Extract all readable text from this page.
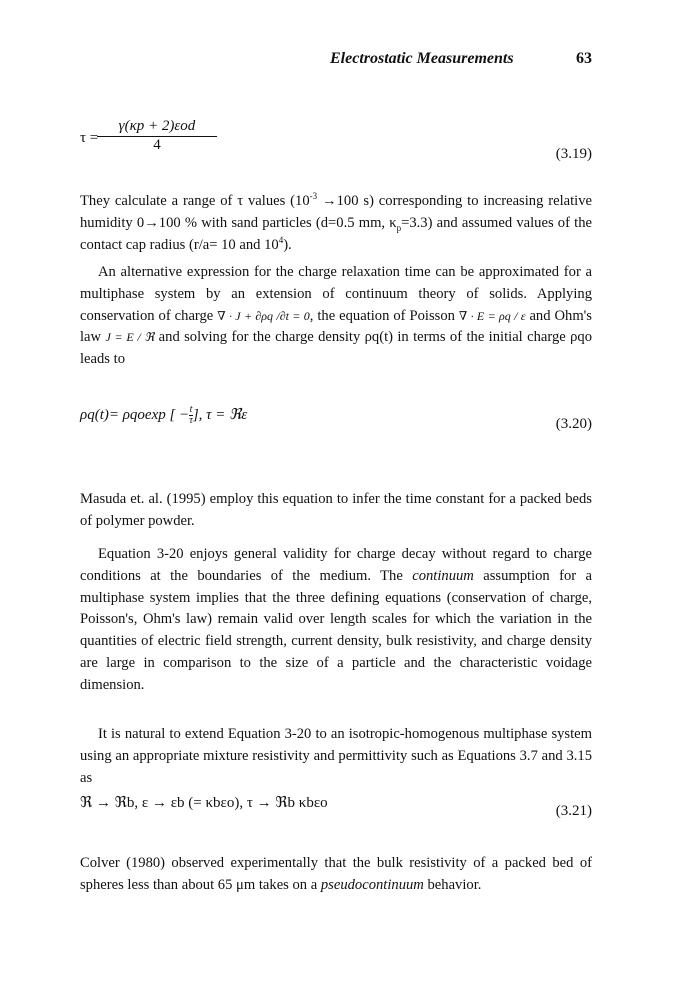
Electrostatic Measurements	63
τ =
γ(κp + 2)εod
4
(3.19)

They calculate a range of τ values ($10^{-3} \to 100$ s) corresponding to increasing relative humidity 0→100 % with sand particles (d=0.5 mm, $\kappa_p=3.3$) and assumed values of the contact cap radius (r/a= 10 and $10^4$).

An alternative expression for the charge relaxation time can be approximated for a multiphase system by an extension of continuum theory of solids. Applying conservation of charge ∇ · J + ∂ρq /∂t = 0, the equation of Poisson ∇ · E = ρq / ε and Ohm's law J = E / ℜ and solving for the charge density ρq(t) in terms of the initial charge ρqo leads to

ρq(t)= ρqoexp [ − $\frac{t}{\tau}$ ], τ = ℜε
(3.20)

Masuda et. al. (1995) employ this equation to infer the time constant for a packed beds of polymer powder.

Equation 3-20 enjoys general validity for charge decay without regard to charge conditions at the boundaries of the medium. The continuum assumption for a multiphase system implies that the three defining equations (conservation of charge, Poisson's, Ohm's law) remain valid over length scales for which the variation in the quantities of electric field strength, current density, bulk resistivity, and charge density are large in comparison to the size of a particle and the characteristic voidage dimension.

It is natural to extend Equation 3-20 to an isotropic-homogenous multiphase system using an appropriate mixture resistivity and permittivity such as Equations 3.7 and 3.15 as

ℜ → ℜb, ε → εb (= κbεo), τ → ℜb κbεo	(3.21)

Colver (1980) observed experimentally that the bulk resistivity of a packed bed of spheres less than about 65 μm takes on a pseudocontinuum behavior.
